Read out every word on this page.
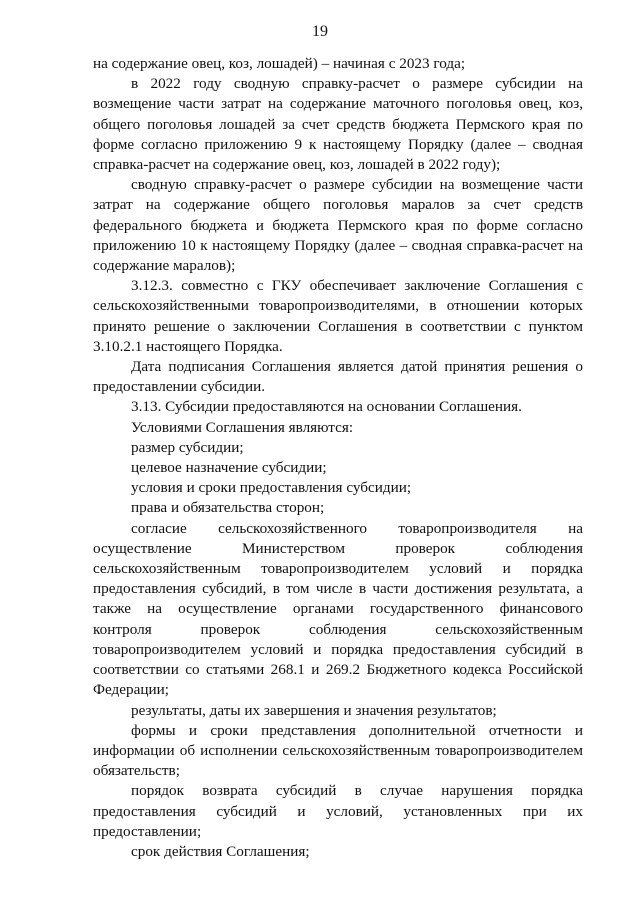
19

на содержание овец, коз, лошадей) – начиная с 2023 года;

в 2022 году сводную справку-расчет о размере субсидии на возмещение части затрат на содержание маточного поголовья овец, коз, общего поголовья лошадей за счет средств бюджета Пермского края по форме согласно приложению 9 к настоящему Порядку (далее – сводная справка-расчет на содержание овец, коз, лошадей в 2022 году);

сводную справку-расчет о размере субсидии на возмещение части затрат на содержание общего поголовья маралов за счет средств федерального бюджета и бюджета Пермского края по форме согласно приложению 10 к настоящему Порядку (далее – сводная справка-расчет на содержание маралов);

3.12.3. совместно с ГКУ обеспечивает заключение Соглашения с сельскохозяйственными товаропроизводителями, в отношении которых принято решение о заключении Соглашения в соответствии с пунктом 3.10.2.1 настоящего Порядка.

Дата подписания Соглашения является датой принятия решения о предоставлении субсидии.

3.13. Субсидии предоставляются на основании Соглашения.

Условиями Соглашения являются:

размер субсидии;

целевое назначение субсидии;

условия и сроки предоставления субсидии;

права и обязательства сторон;

согласие сельскохозяйственного товаропроизводителя на осуществление Министерством проверок соблюдения сельскохозяйственным товаропроизводителем условий и порядка предоставления субсидий, в том числе в части достижения результата, а также на осуществление органами государственного финансового контроля проверок соблюдения сельскохозяйственным товаропроизводителем условий и порядка предоставления субсидий в соответствии со статьями 268.1 и 269.2 Бюджетного кодекса Российской Федерации;

результаты, даты их завершения и значения результатов;

формы и сроки представления дополнительной отчетности и информации об исполнении сельскохозяйственным товаропроизводителем обязательств;

порядок возврата субсидий в случае нарушения порядка предоставления субсидий и условий, установленных при их предоставлении;

срок действия Соглашения;
